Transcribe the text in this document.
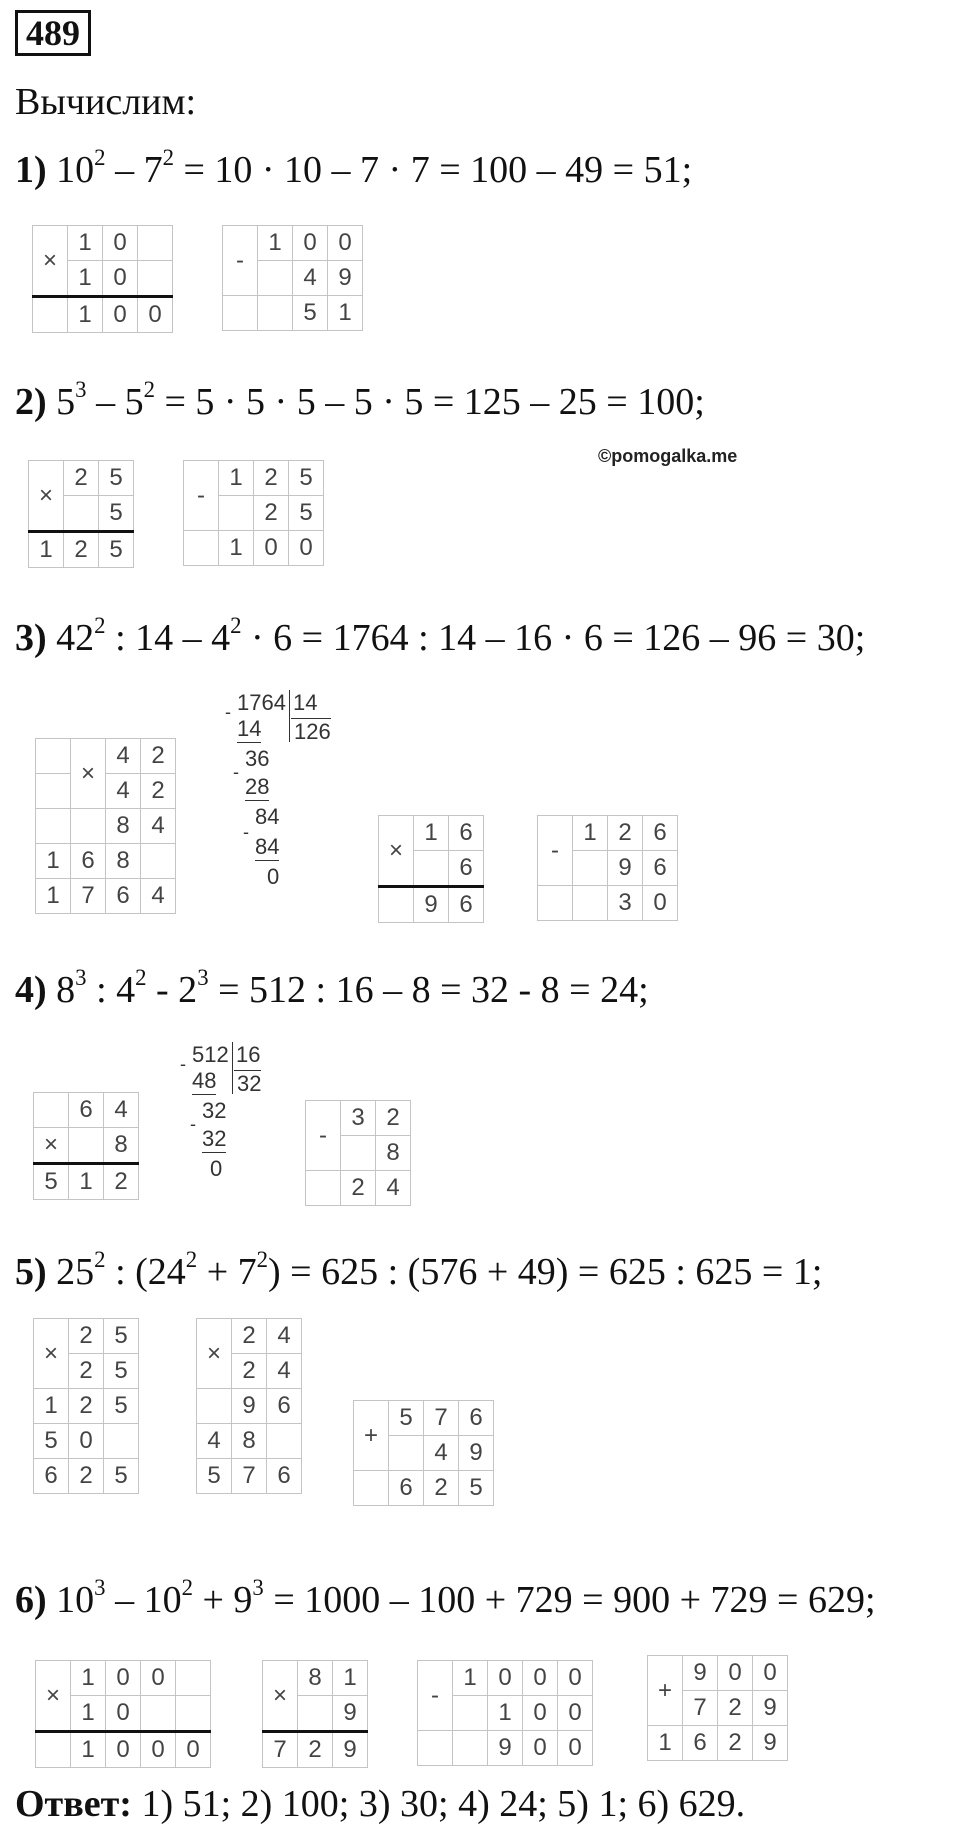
489
Вычислим:
1) $10^2 - 7^2 = 10 \cdot 10 - 7 \cdot 7 = 100 - 49 = 51$;
×	1	0	
	1	0	
	1	0	0
-	1	0	0
		4	9
		5	1
2) $5^3 - 5^2 = 5 \cdot 5 \cdot 5 - 5 \cdot 5 = 125 - 25 = 100$;
©pomogalka.me
×	2	5
		5
1	2	5
-	1	2	5
		2	5
	1	0	0
3) $42^2$ : $14 - 4^2 \cdot 6 = 1764$ : 14 – 16 · 6 = 126 – 96 = 30;
	×	4	2
		4	2
		8	4
1	6	8	
1	7	6	4
1764 14
126
-
14
36
-
28
84
-
84
0
×	1	6
		6
	9	6
-	1	2	6
		9	6
		3	0
4) $8^3$ : $4^2 - 2^3 = 512$ : 16 – 8 = 32 - 8 = 24;
	6	4
×		8
5	1	2
512 16
32
-
48
32
-
32
0
-	3	2
		8
	2	4
5) $25^2$ : $(24^2 + 7^2) = 625$ : (576 + 49) = 625 : 625 = 1;
×	2	5
	2	5
1	2	5
5	0	
6	2	5
×	2	4
	2	4
	9	6
4	8	
5	7	6
+	5	7	6
		4	9
	6	2	5
6) $10^3 - 10^2 + 9^3 = 1000 - 100 + 729 = 900 + 729 = 629$;
×	1	0	0	
	1	0		
	1	0	0	0
×	8	1
		9
7	2	9
-	1	0	0	0
		1	0	0
		9	0	0
+	9	0	0
	7	2	9
1	6	2	9
Ответ: 1) 51; 2) 100; 3) 30; 4) 24; 5) 1; 6) 629.
